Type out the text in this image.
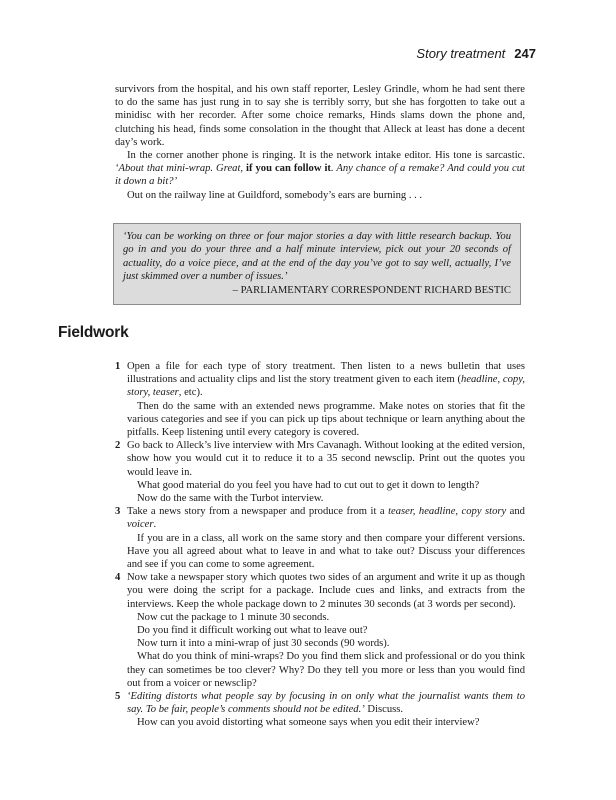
Story treatment 247

survivors from the hospital, and his own staff reporter, Lesley Grindle, whom he had sent there to do the same has just rung in to say she is terribly sorry, but she has forgotten to take out a minidisc with her recorder. After some choice remarks, Hinds slams down the phone and, clutching his head, finds some consolation in the thought that Alleck at least has done a decent day’s work.

In the corner another phone is ringing. It is the network intake editor. His tone is sarcastic. ‘About that mini-wrap. Great, if you can follow it. Any chance of a remake? And could you cut it down a bit?’

Out on the railway line at Guildford, somebody’s ears are burning . . .

‘You can be working on three or four major stories a day with little research backup. You go in and you do your three and a half minute interview, pick out your 20 seconds of actuality, do a voice piece, and at the end of the day you’ve got to say well, actually, I’ve just skimmed over a number of issues.’

– PARLIAMENTARY CORRESPONDENT RICHARD BESTIC

Fieldwork
1 Open a file for each type of story treatment. Then listen to a news bulletin that uses illustrations and actuality clips and list the story treatment given to each item (headline, copy, story, teaser, etc).

Then do the same with an extended news programme. Make notes on stories that fit the various categories and see if you can pick up tips about technique or learn anything about the pitfalls. Keep listening until every category is covered.

2 Go back to Alleck’s live interview with Mrs Cavanagh. Without looking at the edited version, show how you would cut it to reduce it to a 35 second newsclip. Print out the quotes you would leave in.

What good material do you feel you have had to cut out to get it down to length?

Now do the same with the Turbot interview.

3 Take a news story from a newspaper and produce from it a teaser, headline, copy story and voicer.

If you are in a class, all work on the same story and then compare your different versions. Have you all agreed about what to leave in and what to take out? Discuss your differences and see if you can come to some agreement.

4 Now take a newspaper story which quotes two sides of an argument and write it up as though you were doing the script for a package. Include cues and links, and extracts from the interviews. Keep the whole package down to 2 minutes 30 seconds (at 3 words per second).

Now cut the package to 1 minute 30 seconds.

Do you find it difficult working out what to leave out?

Now turn it into a mini-wrap of just 30 seconds (90 words).

What do you think of mini-wraps? Do you find them slick and professional or do you think they can sometimes be too clever? Why? Do they tell you more or less than you would find out from a voicer or newsclip?

5 ‘Editing distorts what people say by focusing in on only what the journalist wants them to say. To be fair, people’s comments should not be edited.’ Discuss.

How can you avoid distorting what someone says when you edit their interview?
